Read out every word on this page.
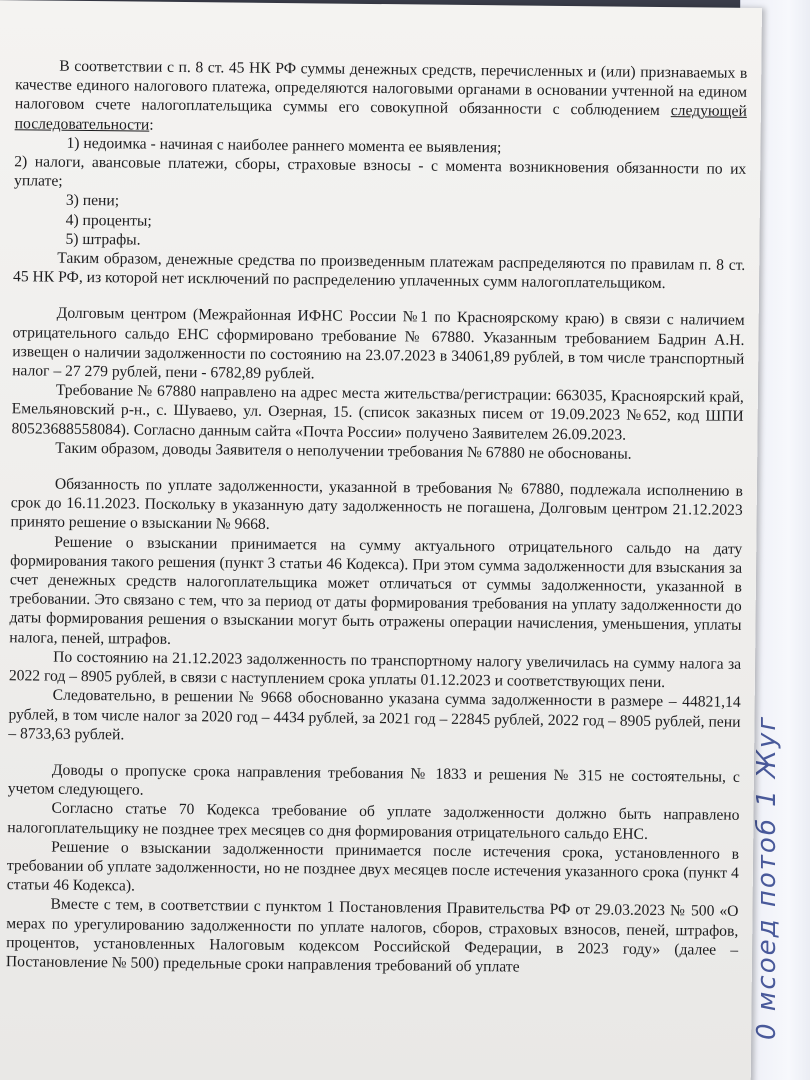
0 мсоед потоб 1 Жуг

В соответствии с п. 8 ст. 45 НК РФ суммы денежных средств, перечисленных и (или) признаваемых в качестве единого налогового платежа, определяются налоговыми органами в основании учтенной на едином налоговом счете налогоплательщика суммы его совокупной обязанности с соблюдением следующей последовательности:

1) недоимка - начиная с наиболее раннего момента ее выявления;

2) налоги, авансовые платежи, сборы, страховые взносы - с момента возникновения обязанности по их уплате;

3) пени;

4) проценты;

5) штрафы.

Таким образом, денежные средства по произведенным платежам распределяются по правилам п. 8 ст. 45 НК РФ, из которой нет исключений по распределению уплаченных сумм налогоплательщиком.

Долговым центром (Межрайонная ИФНС России №1 по Красноярскому краю) в связи с наличием отрицательного сальдо ЕНС сформировано требование № 67880. Указанным требованием Бадрин А.Н. извещен о наличии задолженности по состоянию на 23.07.2023 в 34061,89 рублей, в том числе транспортный налог – 27 279 рублей, пени - 6782,89 рублей.

Требование № 67880 направлено на адрес места жительства/регистрации: 663035, Красноярский край, Емельяновский р-н., с. Шуваево, ул. Озерная, 15. (список заказных писем от 19.09.2023 №652, код ШПИ 80523688558084). Согласно данным сайта «Почта России» получено Заявителем 26.09.2023.

Таким образом, доводы Заявителя о неполучении требования № 67880 не обоснованы.

Обязанность по уплате задолженности, указанной в требования № 67880, подлежала исполнению в срок до 16.11.2023. Поскольку в указанную дату задолженность не погашена, Долговым центром 21.12.2023 принято решение о взыскании № 9668.

Решение о взыскании принимается на сумму актуального отрицательного сальдо на дату формирования такого решения (пункт 3 статьи 46 Кодекса). При этом сумма задолженности для взыскания за счет денежных средств налогоплательщика может отличаться от суммы задолженности, указанной в требовании. Это связано с тем, что за период от даты формирования требования на уплату задолженности до даты формирования решения о взыскании могут быть отражены операции начисления, уменьшения, уплаты налога, пеней, штрафов.

По состоянию на 21.12.2023 задолженность по транспортному налогу увеличилась на сумму налога за 2022 год – 8905 рублей, в связи с наступлением срока уплаты 01.12.2023 и соответствующих пени.

Следовательно, в решении № 9668 обоснованно указана сумма задолженности в размере – 44821,14 рублей, в том числе налог за 2020 год – 4434 рублей, за 2021 год – 22845 рублей, 2022 год – 8905 рублей, пени – 8733,63 рублей.

Доводы о пропуске срока направления требования № 1833 и решения № 315 не состоятельны, с учетом следующего.

Согласно статье 70 Кодекса требование об уплате задолженности должно быть направлено налогоплательщику не позднее трех месяцев со дня формирования отрицательного сальдо ЕНС.

Решение о взыскании задолженности принимается после истечения срока, установленного в требовании об уплате задолженности, но не позднее двух месяцев после истечения указанного срока (пункт 4 статьи 46 Кодекса).

Вместе с тем, в соответствии с пунктом 1 Постановления Правительства РФ от 29.03.2023 № 500 «О мерах по урегулированию задолженности по уплате налогов, сборов, страховых взносов, пеней, штрафов, процентов, установленных Налоговым кодексом Российской Федерации, в 2023 году» (далее – Постановление № 500) предельные сроки направления требований об уплате
